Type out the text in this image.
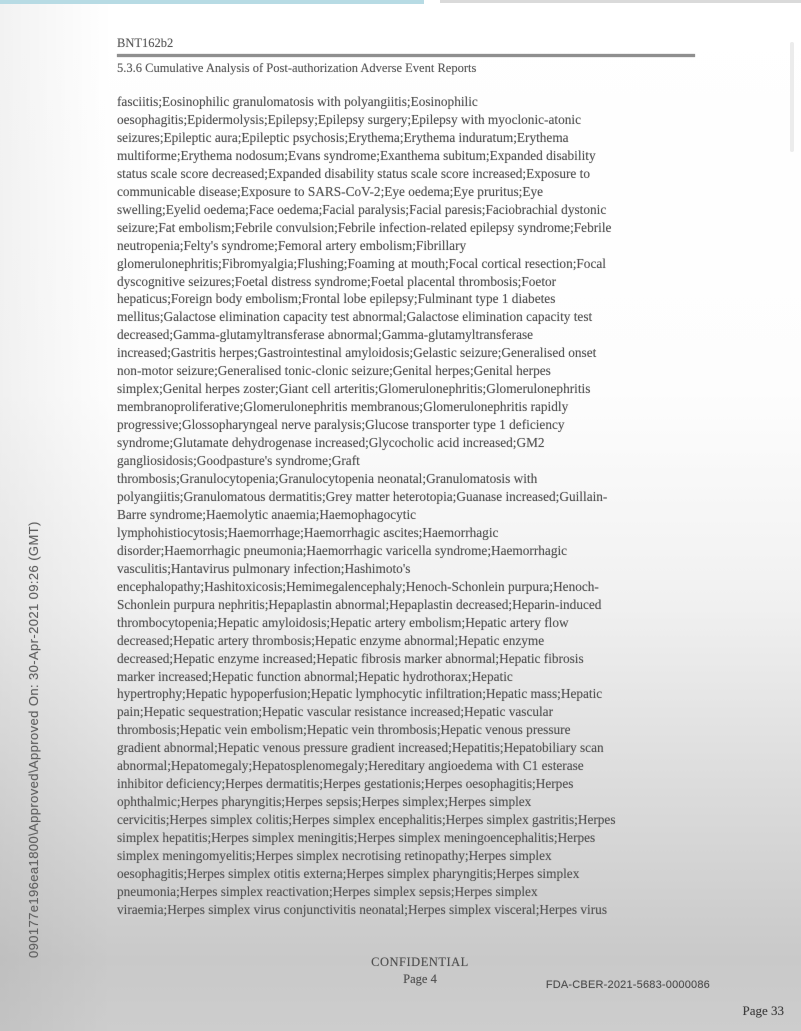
BNT162b2
5.3.6 Cumulative Analysis of Post-authorization Adverse Event Reports
fasciitis;Eosinophilic granulomatosis with polyangiitis;Eosinophilic
oesophagitis;Epidermolysis;Epilepsy;Epilepsy surgery;Epilepsy with myoclonic-atonic
seizures;Epileptic aura;Epileptic psychosis;Erythema;Erythema induratum;Erythema
multiforme;Erythema nodosum;Evans syndrome;Exanthema subitum;Expanded disability
status scale score decreased;Expanded disability status scale score increased;Exposure to
communicable disease;Exposure to SARS-CoV-2;Eye oedema;Eye pruritus;Eye
swelling;Eyelid oedema;Face oedema;Facial paralysis;Facial paresis;Faciobrachial dystonic
seizure;Fat embolism;Febrile convulsion;Febrile infection-related epilepsy syndrome;Febrile
neutropenia;Felty's syndrome;Femoral artery embolism;Fibrillary
glomerulonephritis;Fibromyalgia;Flushing;Foaming at mouth;Focal cortical resection;Focal
dyscognitive seizures;Foetal distress syndrome;Foetal placental thrombosis;Foetor
hepaticus;Foreign body embolism;Frontal lobe epilepsy;Fulminant type 1 diabetes
mellitus;Galactose elimination capacity test abnormal;Galactose elimination capacity test
decreased;Gamma-glutamyltransferase abnormal;Gamma-glutamyltransferase
increased;Gastritis herpes;Gastrointestinal amyloidosis;Gelastic seizure;Generalised onset
non-motor seizure;Generalised tonic-clonic seizure;Genital herpes;Genital herpes
simplex;Genital herpes zoster;Giant cell arteritis;Glomerulonephritis;Glomerulonephritis
membranoproliferative;Glomerulonephritis membranous;Glomerulonephritis rapidly
progressive;Glossopharyngeal nerve paralysis;Glucose transporter type 1 deficiency
syndrome;Glutamate dehydrogenase increased;Glycocholic acid increased;GM2
gangliosidosis;Goodpasture's syndrome;Graft
thrombosis;Granulocytopenia;Granulocytopenia neonatal;Granulomatosis with
polyangiitis;Granulomatous dermatitis;Grey matter heterotopia;Guanase increased;Guillain-
Barre syndrome;Haemolytic anaemia;Haemophagocytic
lymphohistiocytosis;Haemorrhage;Haemorrhagic ascites;Haemorrhagic
disorder;Haemorrhagic pneumonia;Haemorrhagic varicella syndrome;Haemorrhagic
vasculitis;Hantavirus pulmonary infection;Hashimoto's
encephalopathy;Hashitoxicosis;Hemimegalencephaly;Henoch-Schonlein purpura;Henoch-
Schonlein purpura nephritis;Hepaplastin abnormal;Hepaplastin decreased;Heparin-induced
thrombocytopenia;Hepatic amyloidosis;Hepatic artery embolism;Hepatic artery flow
decreased;Hepatic artery thrombosis;Hepatic enzyme abnormal;Hepatic enzyme
decreased;Hepatic enzyme increased;Hepatic fibrosis marker abnormal;Hepatic fibrosis
marker increased;Hepatic function abnormal;Hepatic hydrothorax;Hepatic
hypertrophy;Hepatic hypoperfusion;Hepatic lymphocytic infiltration;Hepatic mass;Hepatic
pain;Hepatic sequestration;Hepatic vascular resistance increased;Hepatic vascular
thrombosis;Hepatic vein embolism;Hepatic vein thrombosis;Hepatic venous pressure
gradient abnormal;Hepatic venous pressure gradient increased;Hepatitis;Hepatobiliary scan
abnormal;Hepatomegaly;Hepatosplenomegaly;Hereditary angioedema with C1 esterase
inhibitor deficiency;Herpes dermatitis;Herpes gestationis;Herpes oesophagitis;Herpes
ophthalmic;Herpes pharyngitis;Herpes sepsis;Herpes simplex;Herpes simplex
cervicitis;Herpes simplex colitis;Herpes simplex encephalitis;Herpes simplex gastritis;Herpes
simplex hepatitis;Herpes simplex meningitis;Herpes simplex meningoencephalitis;Herpes
simplex meningomyelitis;Herpes simplex necrotising retinopathy;Herpes simplex
oesophagitis;Herpes simplex otitis externa;Herpes simplex pharyngitis;Herpes simplex
pneumonia;Herpes simplex reactivation;Herpes simplex sepsis;Herpes simplex
viraemia;Herpes simplex virus conjunctivitis neonatal;Herpes simplex visceral;Herpes virus
090177e196ea1800\Approved\Approved On: 30-Apr-2021 09:26 (GMT)
CONFIDENTIAL
Page 4	FDA-CBER-2021-5683-0000086
Page 33
